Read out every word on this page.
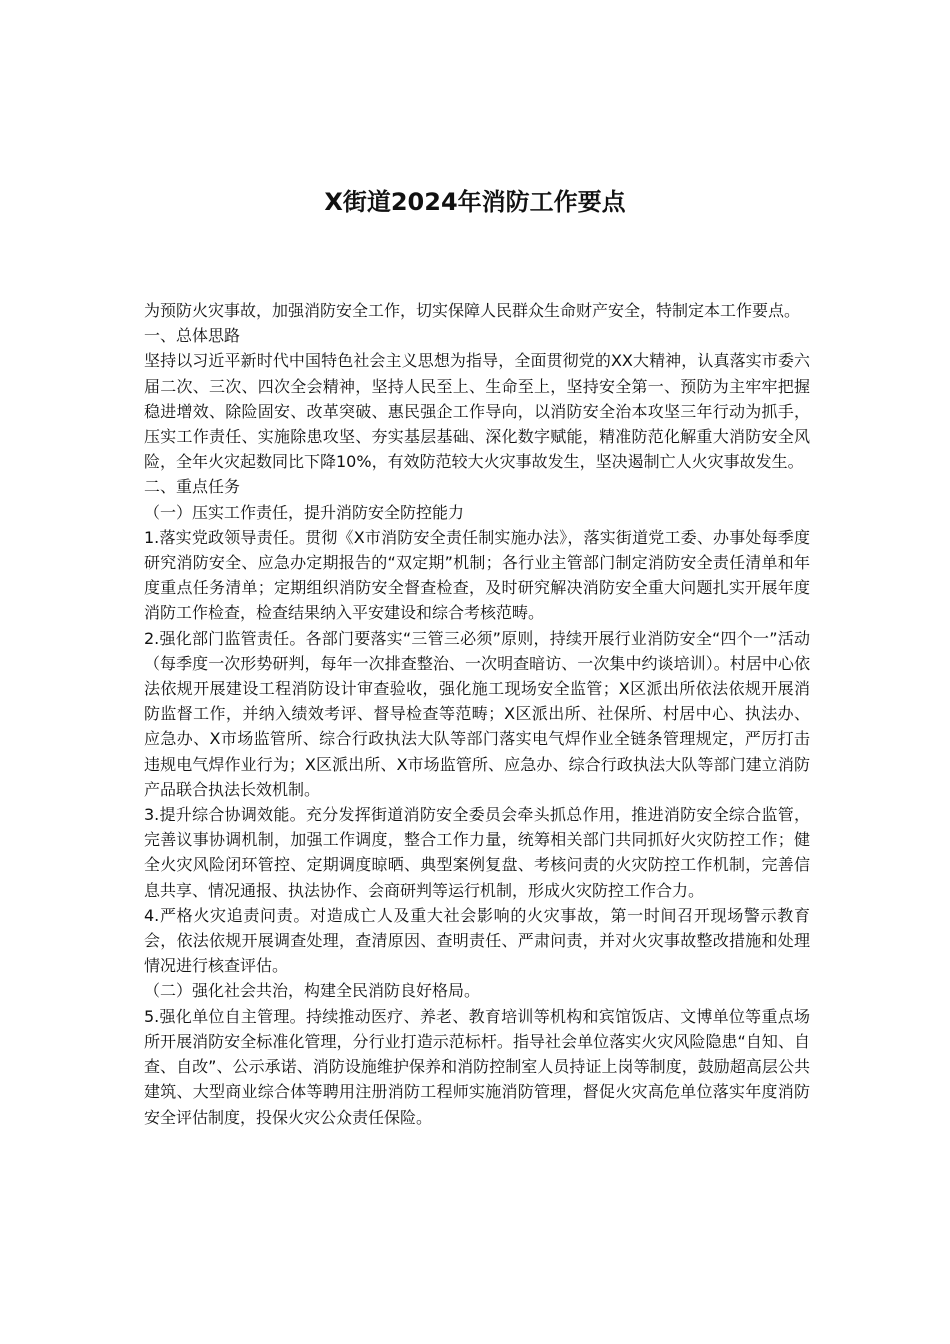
X街道2024年消防工作要点

为预防火灾事故，加强消防安全工作，切实保障人民群众生命财产安全，特制定本工作要点。

一、总体思路

坚持以习近平新时代中国特色社会主义思想为指导，全面贯彻党的XX大精神，认真落实市委六届二次、三次、四次全会精神，坚持人民至上、生命至上，坚持安全第一、预防为主牢牢把握稳进增效、除险固安、改革突破、惠民强企工作导向，以消防安全治本攻坚三年行动为抓手，压实工作责任、实施除患攻坚、夯实基层基础、深化数字赋能，精准防范化解重大消防安全风险，全年火灾起数同比下降10%，有效防范较大火灾事故发生，坚决遏制亡人火灾事故发生。

二、重点任务

（一）压实工作责任，提升消防安全防控能力

1.落实党政领导责任。贯彻《X市消防安全责任制实施办法》，落实街道党工委、办事处每季度研究消防安全、应急办定期报告的“双定期”机制；各行业主管部门制定消防安全责任清单和年度重点任务清单；定期组织消防安全督查检查，及时研究解决消防安全重大问题扎实开展年度消防工作检查，检查结果纳入平安建设和综合考核范畴。

2.强化部门监管责任。各部门要落实“三管三必须”原则，持续开展行业消防安全“四个一”活动（每季度一次形势研判，每年一次排查整治、一次明查暗访、一次集中约谈培训）。村居中心依法依规开展建设工程消防设计审查验收，强化施工现场安全监管；X区派出所依法依规开展消防监督工作，并纳入绩效考评、督导检查等范畴；X区派出所、社保所、村居中心、执法办、应急办、X市场监管所、综合行政执法大队等部门落实电气焊作业全链条管理规定，严厉打击违规电气焊作业行为；X区派出所、X市场监管所、应急办、综合行政执法大队等部门建立消防产品联合执法长效机制。

3.提升综合协调效能。充分发挥街道消防安全委员会牵头抓总作用，推进消防安全综合监管，完善议事协调机制，加强工作调度，整合工作力量，统筹相关部门共同抓好火灾防控工作；健全火灾风险闭环管控、定期调度晾晒、典型案例复盘、考核问责的火灾防控工作机制，完善信息共享、情况通报、执法协作、会商研判等运行机制，形成火灾防控工作合力。

4.严格火灾追责问责。对造成亡人及重大社会影响的火灾事故，第一时间召开现场警示教育会，依法依规开展调查处理，查清原因、查明责任、严肃问责，并对火灾事故整改措施和处理情况进行核查评估。

（二）强化社会共治，构建全民消防良好格局。

5.强化单位自主管理。持续推动医疗、养老、教育培训等机构和宾馆饭店、文博单位等重点场所开展消防安全标准化管理，分行业打造示范标杆。指导社会单位落实火灾风险隐患“自知、自查、自改”、公示承诺、消防设施维护保养和消防控制室人员持证上岗等制度，鼓励超高层公共建筑、大型商业综合体等聘用注册消防工程师实施消防管理，督促火灾高危单位落实年度消防安全评估制度，投保火灾公众责任保险。
